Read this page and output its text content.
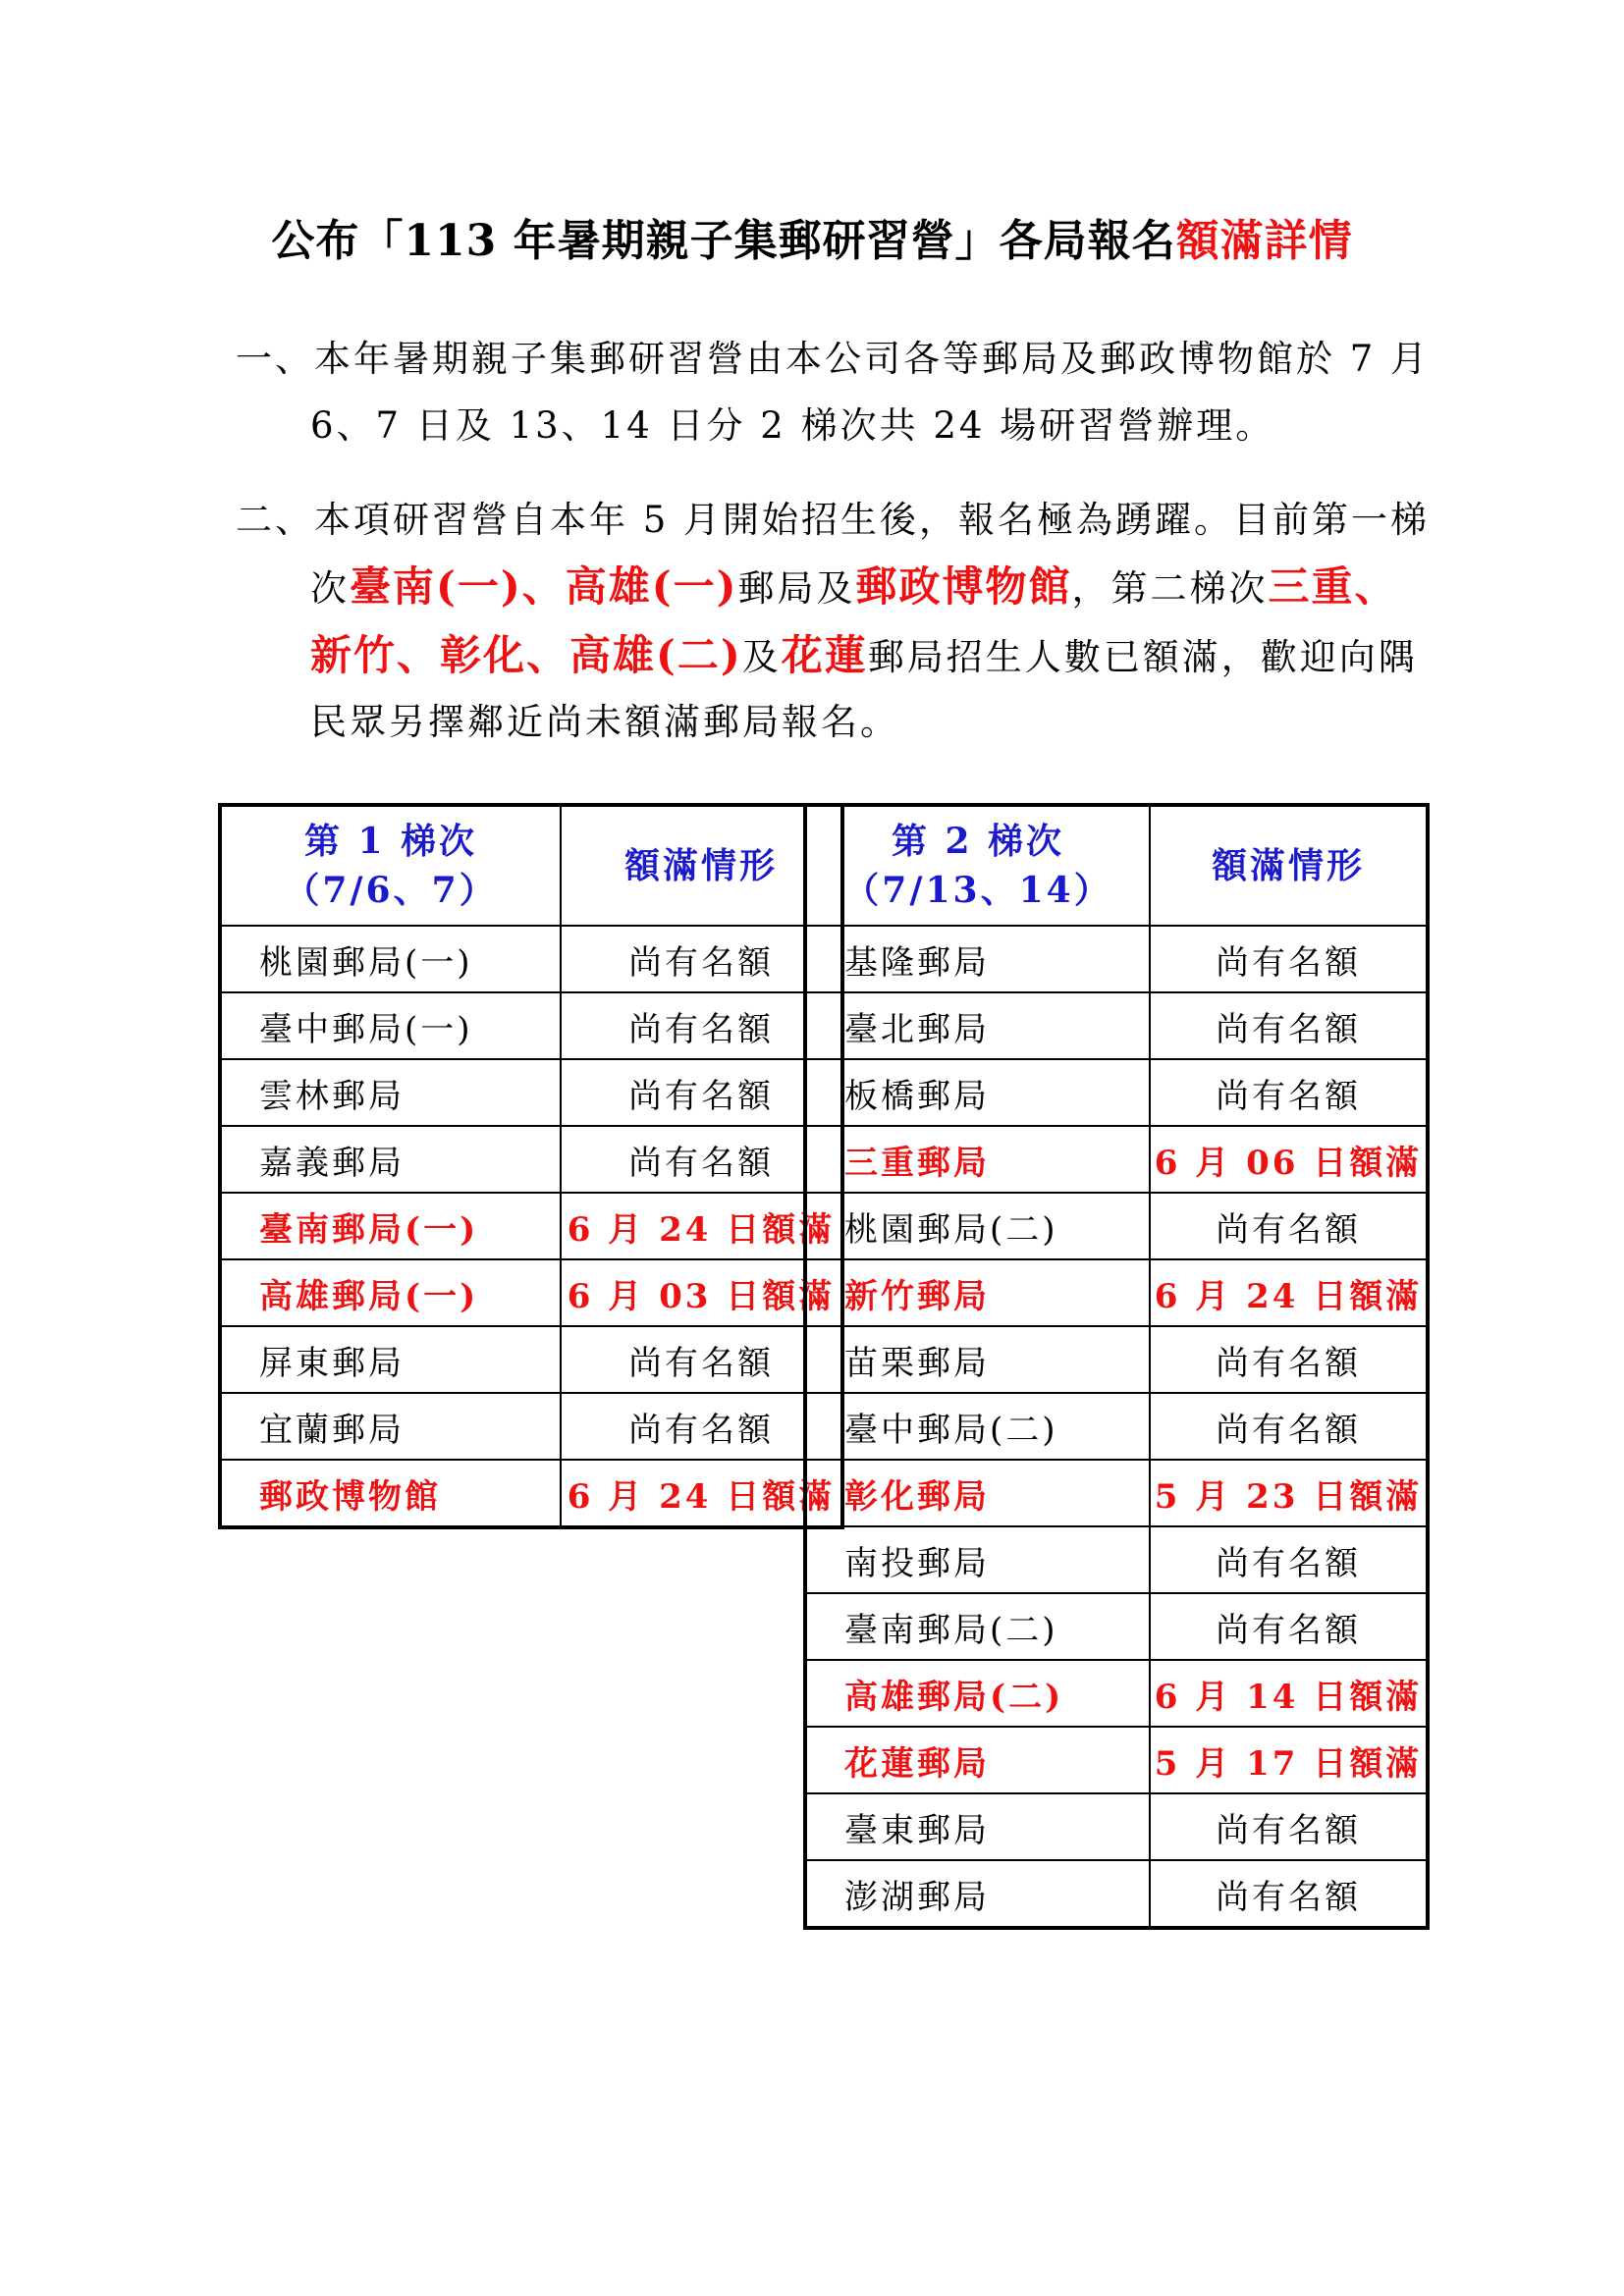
公布「113 年暑期親子集郵研習營」各局報名額滿詳情
一、本年暑期親子集郵研習營由本公司各等郵局及郵政博物館於 7 月
6、7 日及 13、14 日分 2 梯次共 24 場研習營辦理。
二、本項研習營自本年 5 月開始招生後，報名極為踴躍。目前第一梯
次臺南(一)、高雄(一)郵局及郵政博物館，第二梯次三重、
新竹、彰化、高雄(二)及花蓮郵局招生人數已額滿，歡迎向隅
民眾另擇鄰近尚未額滿郵局報名。
第 1 梯次
（7/6、7）	額滿情形
桃園郵局(一)	尚有名額
臺中郵局(一)	尚有名額
雲林郵局	尚有名額
嘉義郵局	尚有名額
臺南郵局(一)	6 月 24 日額滿
高雄郵局(一)	6 月 03 日額滿
屏東郵局	尚有名額
宜蘭郵局	尚有名額
郵政博物館	6 月 24 日額滿
第 2 梯次
（7/13、14）	額滿情形
基隆郵局	尚有名額
臺北郵局	尚有名額
板橋郵局	尚有名額
三重郵局	6 月 06 日額滿
桃園郵局(二)	尚有名額
新竹郵局	6 月 24 日額滿
苗栗郵局	尚有名額
臺中郵局(二)	尚有名額
彰化郵局	5 月 23 日額滿
南投郵局	尚有名額
臺南郵局(二)	尚有名額
高雄郵局(二)	6 月 14 日額滿
花蓮郵局	5 月 17 日額滿
臺東郵局	尚有名額
澎湖郵局	尚有名額
